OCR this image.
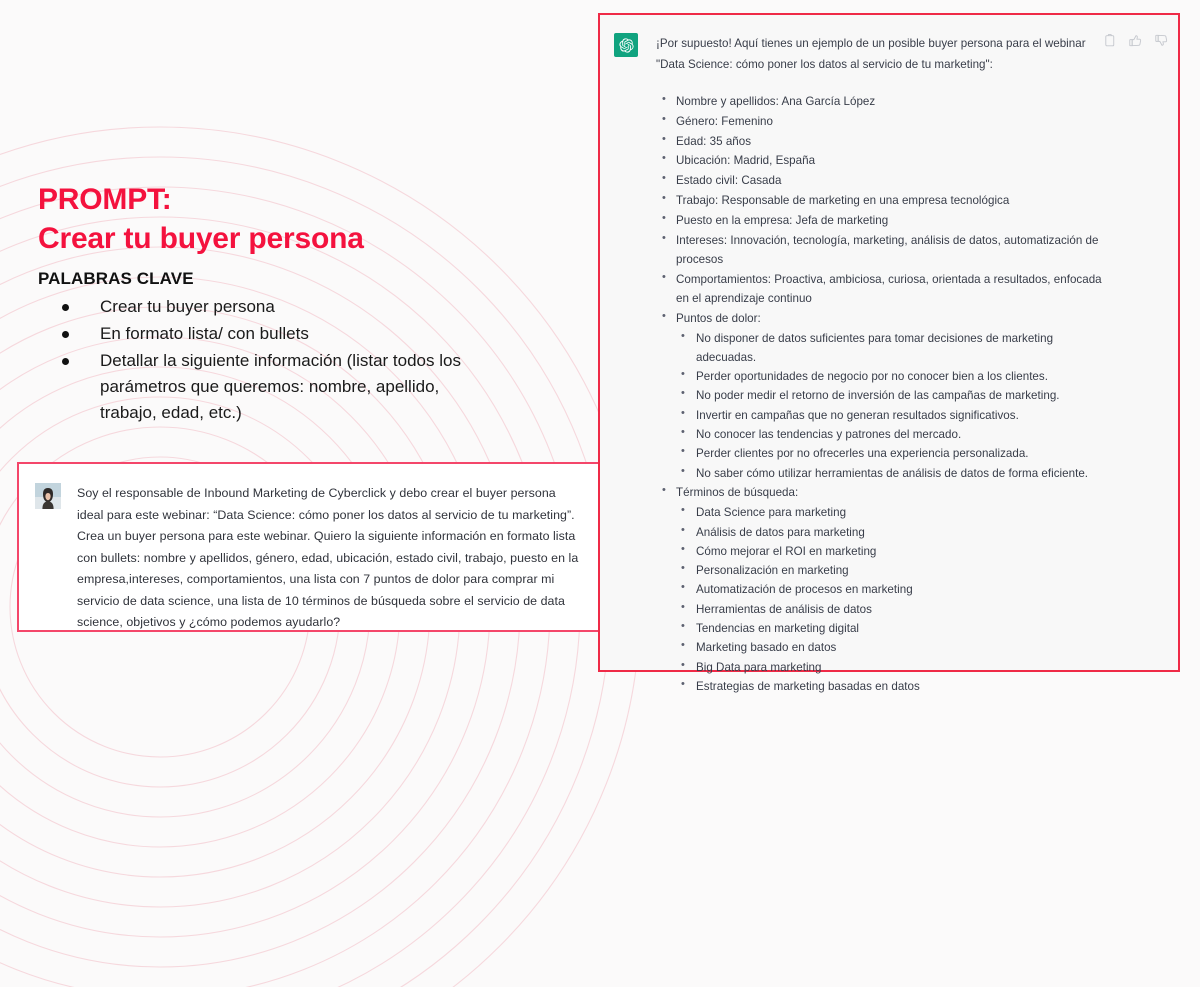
PROMPT:

Crear tu buyer persona

PALABRAS CLAVE
Crear tu buyer persona
En formato lista/ con bullets
Detallar la siguiente información (listar todos los parámetros que queremos: nombre, apellido, trabajo, edad, etc.)
Soy el responsable de Inbound Marketing de Cyberclick y debo crear el buyer persona ideal para este webinar: “Data Science: cómo poner los datos al servicio de tu marketing”. Crea un buyer persona para este webinar. Quiero la siguiente información en formato lista con bullets: nombre y apellidos, género, edad, ubicación, estado civil, trabajo, puesto en la empresa,intereses, comportamientos, una lista con 7 puntos de dolor para comprar mi servicio de data science, una lista de 10 términos de búsqueda sobre el servicio de data science, objetivos y ¿cómo podemos ayudarlo?
¡Por supuesto! Aquí tienes un ejemplo de un posible buyer persona para el webinar "Data Science: cómo poner los datos al servicio de tu marketing":
• Nombre y apellidos: Ana García López
• Género: Femenino
• Edad: 35 años
• Ubicación: Madrid, España
• Estado civil: Casada
• Trabajo: Responsable de marketing en una empresa tecnológica
• Puesto en la empresa: Jefa de marketing
• Intereses: Innovación, tecnología, marketing, análisis de datos, automatización de procesos
• Comportamientos: Proactiva, ambiciosa, curiosa, orientada a resultados, enfocada en el aprendizaje continuo
• Puntos de dolor:
• No disponer de datos suficientes para tomar decisiones de marketing adecuadas.
• Perder oportunidades de negocio por no conocer bien a los clientes.
• No poder medir el retorno de inversión de las campañas de marketing.
• Invertir en campañas que no generan resultados significativos.
• No conocer las tendencias y patrones del mercado.
• Perder clientes por no ofrecerles una experiencia personalizada.
• No saber cómo utilizar herramientas de análisis de datos de forma eficiente.
• Términos de búsqueda:
• Data Science para marketing
• Análisis de datos para marketing
• Cómo mejorar el ROI en marketing
• Personalización en marketing
• Automatización de procesos en marketing
• Herramientas de análisis de datos
• Tendencias en marketing digital
• Marketing basado en datos
• Big Data para marketing
• Estrategias de marketing basadas en datos
